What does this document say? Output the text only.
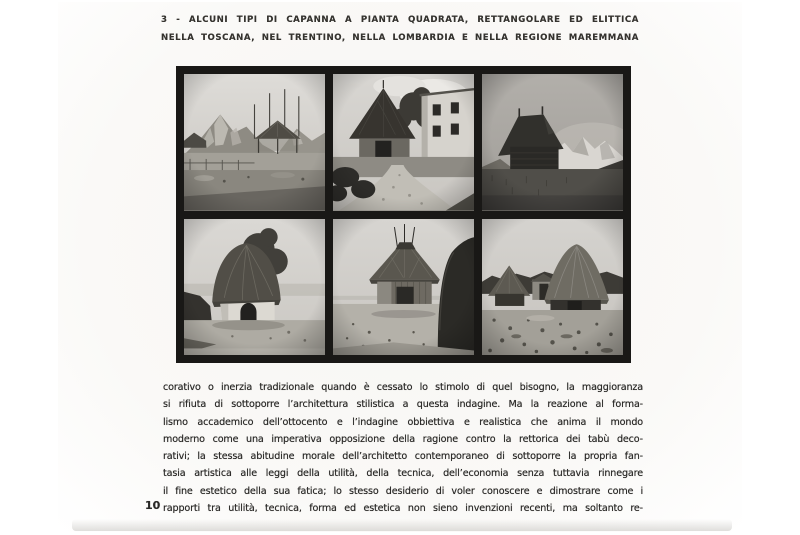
3 - ALCUNI TIPI DI CAPANNA A PIANTA QUADRATA, RETTANGOLARE ED ELITTICA
NELLA TOSCANA, NEL TRENTINO, NELLA LOMBARDIA E NELLA REGIONE MAREMMANA
corativo o inerzia tradizionale quando è cessato lo stimolo di quel bisogno, la maggioranza
si rifiuta di sottoporre l’architettura stilistica a questa indagine. Ma la reazione al forma-
lismo accademico dell’ottocento e l’indagine obbiettiva e realistica che anima il mondo
moderno come una imperativa opposizione della ragione contro la rettorica dei tabù deco-
rativi; la stessa abitudine morale dell’architetto contemporaneo di sottoporre la propria fan-
tasia artistica alle leggi della utilità, della tecnica, dell’economia senza tuttavia rinnegare
il fine estetico della sua fatica; lo stesso desiderio di voler conoscere e dimostrare come i
rapporti tra utilità, tecnica, forma ed estetica non sieno invenzioni recenti, ma soltanto re-
10
